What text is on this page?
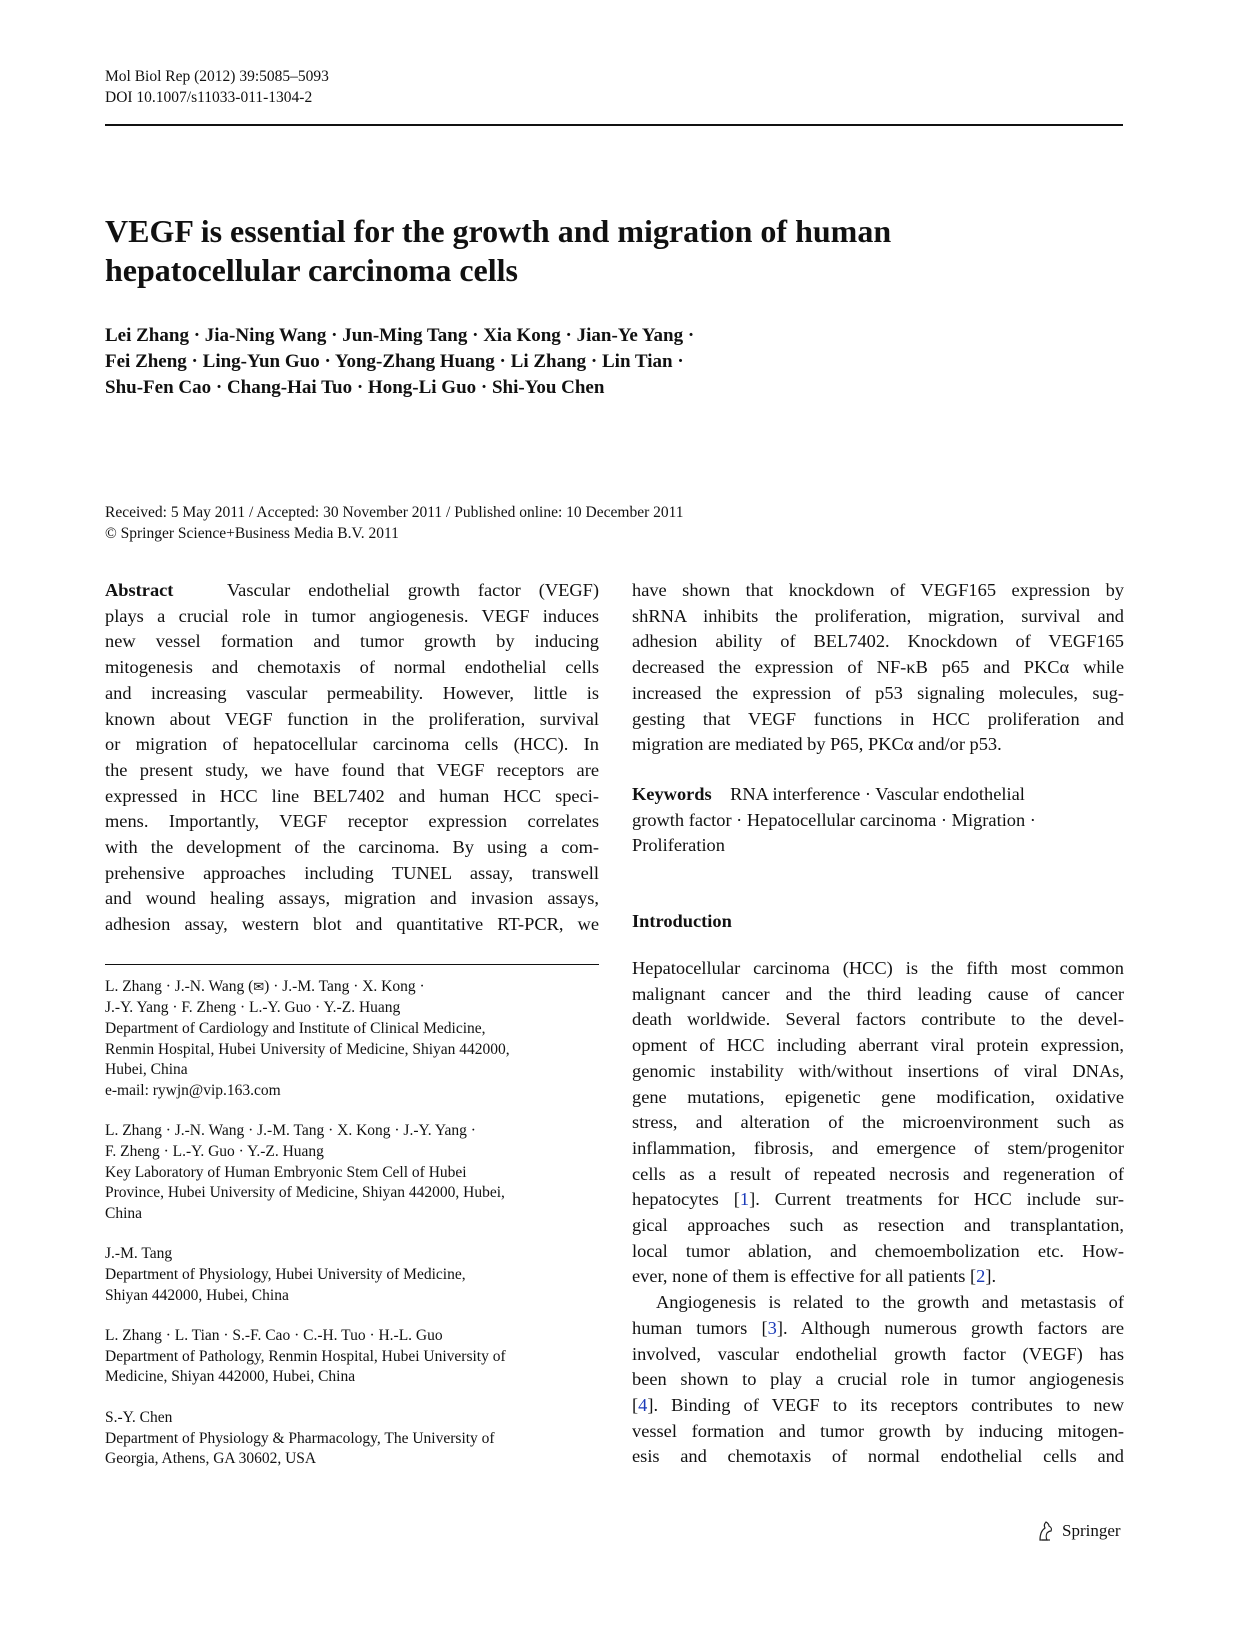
Mol Biol Rep (2012) 39:5085–5093
DOI 10.1007/s11033-011-1304-2
VEGF is essential for the growth and migration of human
hepatocellular carcinoma cells
Lei Zhang · Jia-Ning Wang · Jun-Ming Tang · Xia Kong · Jian-Ye Yang ·
Fei Zheng · Ling-Yun Guo · Yong-Zhang Huang · Li Zhang · Lin Tian ·
Shu-Fen Cao · Chang-Hai Tuo · Hong-Li Guo · Shi-You Chen
Received: 5 May 2011 / Accepted: 30 November 2011 / Published online: 10 December 2011
© Springer Science+Business Media B.V. 2011
Abstract	Vascular endothelial growth factor (VEGF)
plays a crucial role in tumor angiogenesis. VEGF induces
new vessel formation and tumor growth by inducing
mitogenesis and chemotaxis of normal endothelial cells
and increasing vascular permeability. However, little is
known about VEGF function in the proliferation, survival
or migration of hepatocellular carcinoma cells (HCC). In
the present study, we have found that VEGF receptors are
expressed in HCC line BEL7402 and human HCC speci-
mens. Importantly, VEGF receptor expression correlates
with the development of the carcinoma. By using a com-
prehensive approaches including TUNEL assay, transwell
and wound healing assays, migration and invasion assays,
adhesion assay, western blot and quantitative RT-PCR, we
L. Zhang · J.-N. Wang (✉) · J.-M. Tang · X. Kong ·
J.-Y. Yang · F. Zheng · L.-Y. Guo · Y.-Z. Huang
Department of Cardiology and Institute of Clinical Medicine,
Renmin Hospital, Hubei University of Medicine, Shiyan 442000,
Hubei, China
e-mail: rywjn@vip.163.com
L. Zhang · J.-N. Wang · J.-M. Tang · X. Kong · J.-Y. Yang ·
F. Zheng · L.-Y. Guo · Y.-Z. Huang
Key Laboratory of Human Embryonic Stem Cell of Hubei
Province, Hubei University of Medicine, Shiyan 442000, Hubei,
China
J.-M. Tang
Department of Physiology, Hubei University of Medicine,
Shiyan 442000, Hubei, China
L. Zhang · L. Tian · S.-F. Cao · C.-H. Tuo · H.-L. Guo
Department of Pathology, Renmin Hospital, Hubei University of
Medicine, Shiyan 442000, Hubei, China
S.-Y. Chen
Department of Physiology & Pharmacology, The University of
Georgia, Athens, GA 30602, USA
have shown that knockdown of VEGF165 expression by
shRNA inhibits the proliferation, migration, survival and
adhesion ability of BEL7402. Knockdown of VEGF165
decreased the expression of NF-κB p65 and PKCα while
increased the expression of p53 signaling molecules, sug-
gesting that VEGF functions in HCC proliferation and
migration are mediated by P65, PKCα and/or p53.
Keywords RNA interference · Vascular endothelial
growth factor · Hepatocellular carcinoma · Migration ·
Proliferation
Introduction
Hepatocellular carcinoma (HCC) is the fifth most common
malignant cancer and the third leading cause of cancer
death worldwide. Several factors contribute to the devel-
opment of HCC including aberrant viral protein expression,
genomic instability with/without insertions of viral DNAs,
gene mutations, epigenetic gene modification, oxidative
stress, and alteration of the microenvironment such as
inflammation, fibrosis, and emergence of stem/progenitor
cells as a result of repeated necrosis and regeneration of
hepatocytes [1]. Current treatments for HCC include sur-
gical approaches such as resection and transplantation,
local tumor ablation, and chemoembolization etc. How-
ever, none of them is effective for all patients [2].
Angiogenesis is related to the growth and metastasis of
human tumors [3]. Although numerous growth factors are
involved, vascular endothelial growth factor (VEGF) has
been shown to play a crucial role in tumor angiogenesis
[4]. Binding of VEGF to its receptors contributes to new
vessel formation and tumor growth by inducing mitogen-
esis and chemotaxis of normal endothelial cells and
Springer
